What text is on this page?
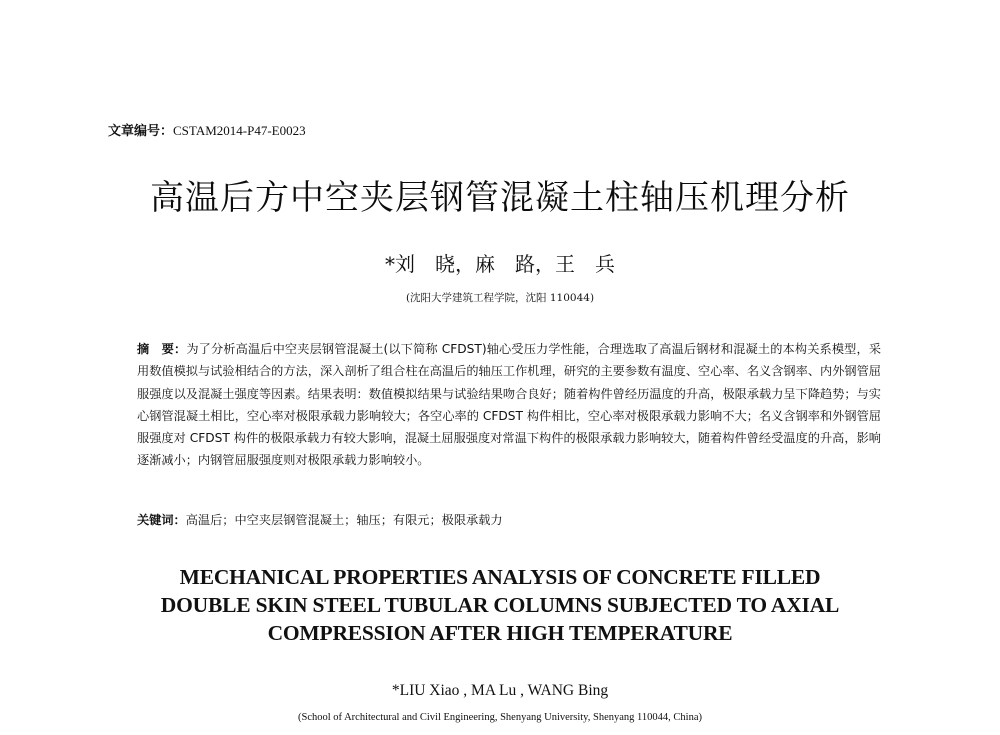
文章编号：CSTAM2014-P47-E0023
高温后方中空夹层钢管混凝土柱轴压机理分析
*刘　晓，麻　路，王　兵
(沈阳大学建筑工程学院，沈阳 110044)
摘　要：为了分析高温后中空夹层钢管混凝土(以下简称 CFDST)轴心受压力学性能，合理选取了高温后钢材和混凝土的本构关系模型，采用数值模拟与试验相结合的方法，深入剖析了组合柱在高温后的轴压工作机理，研究的主要参数有温度、空心率、名义含钢率、内外钢管屈服强度以及混凝土强度等因素。结果表明：数值模拟结果与试验结果吻合良好；随着构件曾经历温度的升高，极限承载力呈下降趋势；与实心钢管混凝土相比，空心率对极限承载力影响较大；各空心率的 CFDST 构件相比，空心率对极限承载力影响不大；名义含钢率和外钢管屈服强度对 CFDST 构件的极限承载力有较大影响，混凝土屈服强度对常温下构件的极限承载力影响较大，随着构件曾经受温度的升高，影响逐渐减小；内钢管屈服强度则对极限承载力影响较小。
关键词：高温后；中空夹层钢管混凝土；轴压；有限元；极限承载力
MECHANICAL PROPERTIES ANALYSIS OF CONCRETE FILLED
DOUBLE SKIN STEEL TUBULAR COLUMNS SUBJECTED TO AXIAL
COMPRESSION AFTER HIGH TEMPERATURE
*LIU Xiao , MA Lu , WANG Bing
(School of Architectural and Civil Engineering, Shenyang University, Shenyang 110044, China)
